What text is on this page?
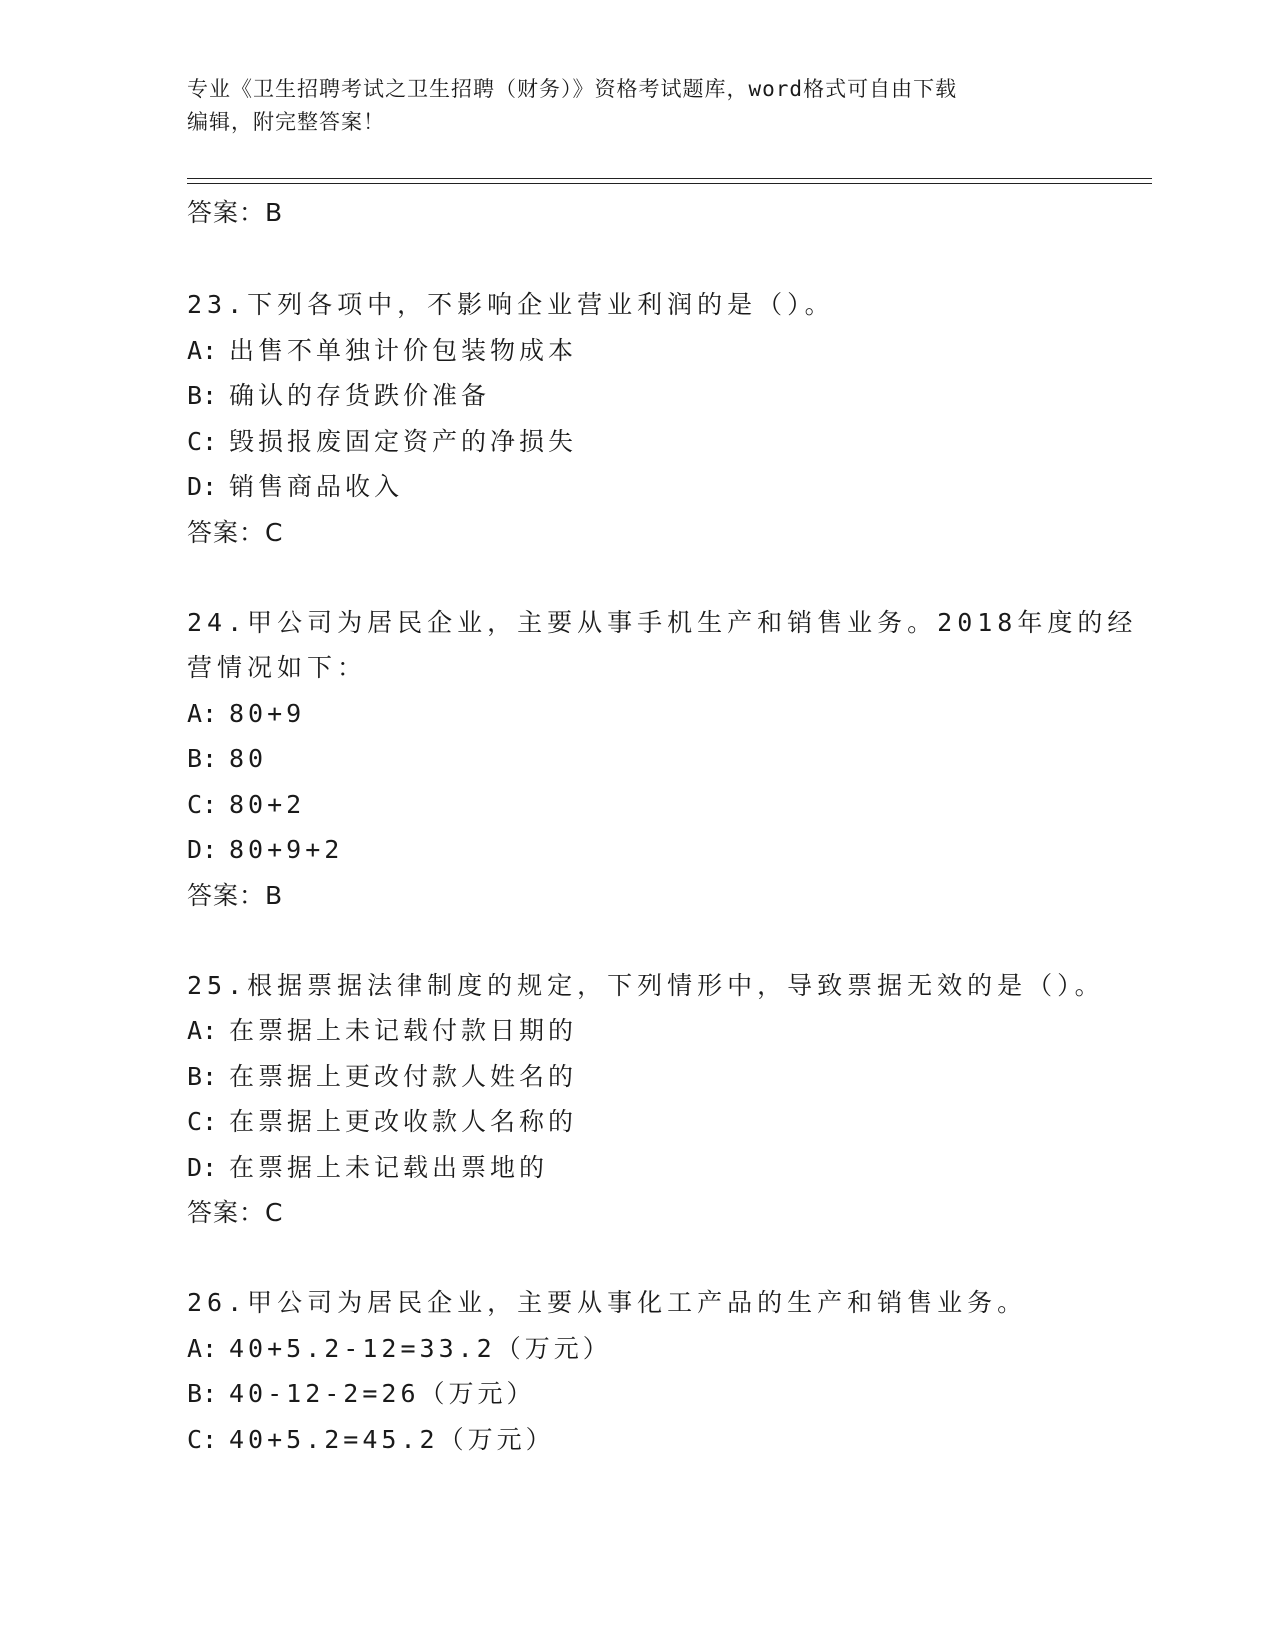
专业《卫生招聘考试之卫生招聘（财务）》资格考试题库，word格式可自由下载
编辑，附完整答案！
答案：B
23.下列各项中，不影响企业营业利润的是（）。
A: 出售不单独计价包装物成本
B: 确认的存货跌价准备
C: 毁损报废固定资产的净损失
D: 销售商品收入
答案：C
24.甲公司为居民企业，主要从事手机生产和销售业务。2018年度的经
营情况如下：
A: 80+9
B: 80
C: 80+2
D: 80+9+2
答案：B
25.根据票据法律制度的规定，下列情形中，导致票据无效的是（）。
A: 在票据上未记载付款日期的
B: 在票据上更改付款人姓名的
C: 在票据上更改收款人名称的
D: 在票据上未记载出票地的
答案：C
26.甲公司为居民企业，主要从事化工产品的生产和销售业务。
A: 40+5.2-12=33.2（万元）
B: 40-12-2=26（万元）
C: 40+5.2=45.2（万元）
